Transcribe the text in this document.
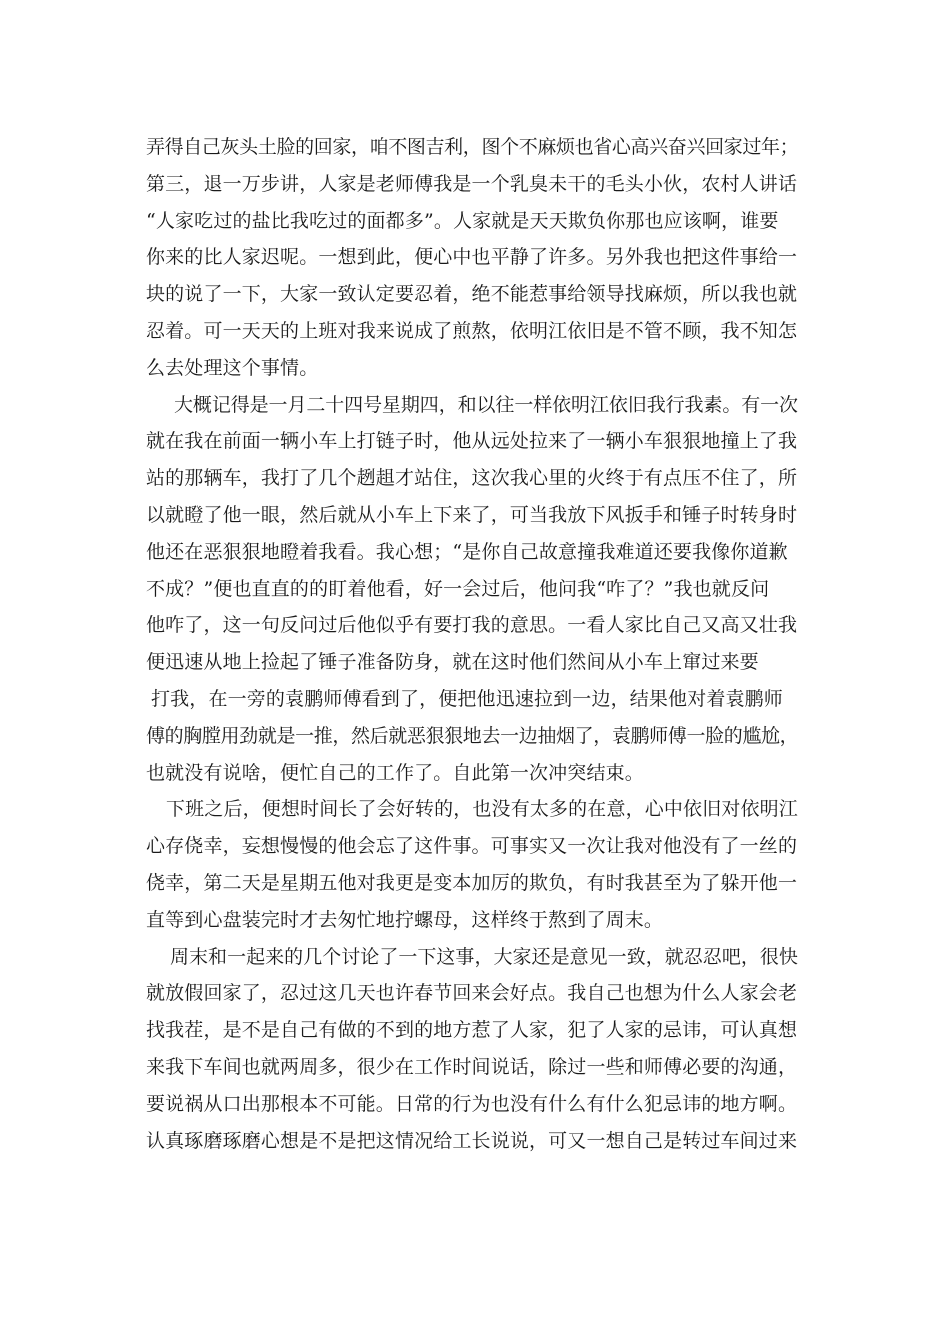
弄得自己灰头土脸的回家，咱不图吉利，图个不麻烦也省心高兴奋兴回家过年；
第三，退一万步讲，人家是老师傅我是一个乳臭未干的毛头小伙，农村人讲话
“人家吃过的盐比我吃过的面都多”。人家就是天天欺负你那也应该啊，谁要
你来的比人家迟呢。一想到此，便心中也平静了许多。另外我也把这件事给一
块的说了一下，大家一致认定要忍着，绝不能惹事给领导找麻烦，所以我也就
忍着。可一天天的上班对我来说成了煎熬，依明江依旧是不管不顾，我不知怎
么去处理这个事情。
大概记得是一月二十四号星期四，和以往一样依明江依旧我行我素。有一次
就在我在前面一辆小车上打链子时，他从远处拉来了一辆小车狠狠地撞上了我
站的那辆车，我打了几个趔趄才站住，这次我心里的火终于有点压不住了，所
以就瞪了他一眼，然后就从小车上下来了，可当我放下风扳手和锤子时转身时
他还在恶狠狠地瞪着我看。我心想；“是你自己故意撞我难道还要我像你道歉
不成？”便也直直的的盯着他看，好一会过后，他问我“咋了？”我也就反问
他咋了，这一句反问过后他似乎有要打我的意思。一看人家比自己又高又壮我
便迅速从地上捡起了锤子准备防身，就在这时他们然间从小车上窜过来要
打我，在一旁的袁鹏师傅看到了，便把他迅速拉到一边，结果他对着袁鹏师
傅的胸膛用劲就是一推，然后就恶狠狠地去一边抽烟了，袁鹏师傅一脸的尴尬，
也就没有说啥，便忙自己的工作了。自此第一次冲突结束。
下班之后，便想时间长了会好转的，也没有太多的在意，心中依旧对依明江
心存侥幸，妄想慢慢的他会忘了这件事。可事实又一次让我对他没有了一丝的
侥幸，第二天是星期五他对我更是变本加厉的欺负，有时我甚至为了躲开他一
直等到心盘装完时才去匆忙地拧螺母，这样终于熬到了周末。
周末和一起来的几个讨论了一下这事，大家还是意见一致，就忍忍吧，很快
就放假回家了，忍过这几天也许春节回来会好点。我自己也想为什么人家会老
找我茬，是不是自己有做的不到的地方惹了人家，犯了人家的忌讳，可认真想
来我下车间也就两周多，很少在工作时间说话，除过一些和师傅必要的沟通，
要说祸从口出那根本不可能。日常的行为也没有什么有什么犯忌讳的地方啊。
认真琢磨琢磨心想是不是把这情况给工长说说，可又一想自己是转过车间过来
